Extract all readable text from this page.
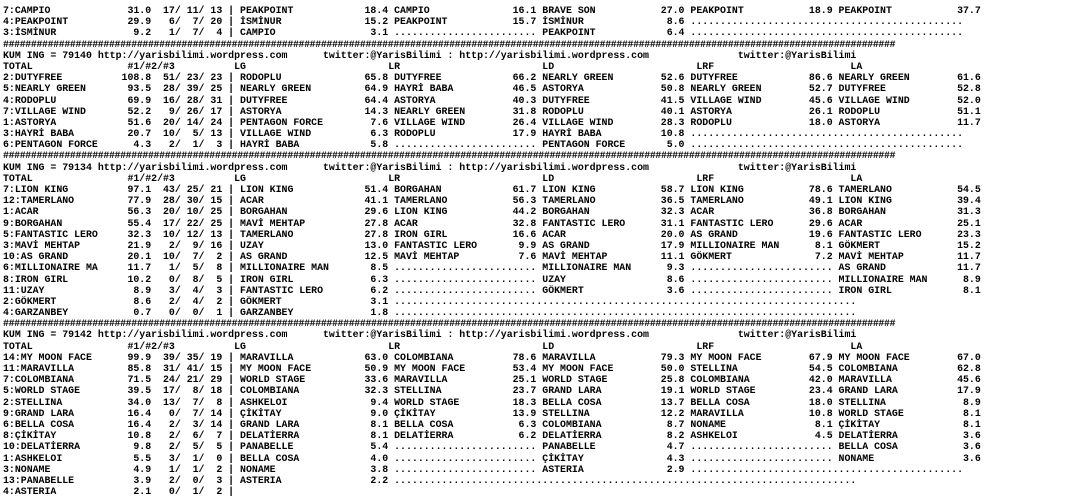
7:CAMPIO             31.0  17/ 11/ 13 | PEAKPOINT            18.4 CAMPIO              16.1 BRAVE SON           27.0 PEAKPOINT           18.9 PEAKPOINT           37.7
4:PEAKPOINT          29.9   6/  7/ 20 | İSMİNUR              15.2 PEAKPOINT           15.7 İSMİNUR              8.6 ..............................................
3:İSMİNUR             9.2   1/  7/  4 | CAMPIO                3.1 ........................ PEAKPOINT            6.4 ..............................................
################################################################################################################################################################
KUM ING = 79140 http://yarisbilimi.wordpress.com      twitter:@YarisBilimi : http://yarisbilimi.wordpress.com               twitter:@YarisBilimi
TOTAL                #1/#2/#3          LG                        LR                        LD                        LRF                       LA
2:DUTYFREE          108.8  51/ 23/ 23 | RODOPLU              65.8 DUTYFREE            66.2 NEARLY GREEN        52.6 DUTYFREE            86.6 NEARLY GREEN        61.6
5:NEARLY GREEN       93.5  28/ 39/ 25 | NEARLY GREEN         64.9 HAYRİ BABA          46.5 ASTORYA             50.8 NEARLY GREEN        52.7 DUTYFREE            52.8
4:RODOPLU            69.9  16/ 28/ 31 | DUTYFREE             64.4 ASTORYA             40.3 DUTYFREE            41.5 VILLAGE WIND        45.6 VILLAGE WIND        52.0
7:VILLAGE WIND       52.2   9/ 26/ 17 | ASTORYA              14.3 NEARLY GREEN        31.8 RODOPLU             40.1 ASTORYA             26.1 RODOPLU             51.1
1:ASTORYA            51.6  20/ 14/ 24 | PENTAGON FORCE        7.6 VILLAGE WIND        26.4 VILLAGE WIND        28.3 RODOPLU             18.0 ASTORYA             11.7
3:HAYRİ BABA         20.7  10/  5/ 13 | VILLAGE WIND          6.3 RODOPLU             17.9 HAYRİ BABA          10.8 ..............................................
6:PENTAGON FORCE      4.3   2/  1/  3 | HAYRİ BABA            5.8 ........................ PENTAGON FORCE       5.0 ..............................................
################################################################################################################################################################
KUM ING = 79134 http://yarisbilimi.wordpress.com      twitter:@YarisBilimi : http://yarisbilimi.wordpress.com               twitter:@YarisBilimi
TOTAL                #1/#2/#3          LG                        LR                        LD                        LRF                       LA
7:LION KING          97.1  43/ 25/ 21 | LION KING            51.4 BORGAHAN            61.7 LION KING           58.7 LION KING           78.6 TAMERLANO           54.5
12:TAMERLANO         77.9  28/ 30/ 15 | ACAR                 41.1 TAMERLANO           56.3 TAMERLANO           36.5 TAMERLANO           49.1 LION KING           39.4
1:ACAR               56.3  20/ 10/ 25 | BORGAHAN             29.6 LION KING           44.2 BORGAHAN            32.3 ACAR                36.8 BORGAHAN            31.3
9:BORGAHAN           55.4  17/ 22/ 25 | MAVİ MEHTAP          27.8 ACAR                32.8 FANTASTIC LERO      31.1 FANTASTIC LERO      29.6 ACAR                25.1
5:FANTASTIC LERO     32.3  10/ 12/ 13 | TAMERLANO            27.8 IRON GIRL           16.6 ACAR                20.0 AS GRAND            19.6 FANTASTIC LERO      23.3
3:MAVİ MEHTAP        21.9   2/  9/ 16 | UZAY                 13.0 FANTASTIC LERO       9.9 AS GRAND            17.9 MILLIONAIRE MAN      8.1 GÖKMERT             15.2
10:AS GRAND          20.1  10/  7/  2 | AS GRAND             12.5 MAVİ MEHTAP          7.6 MAVİ MEHTAP         11.1 GÖKMERT              7.2 MAVİ MEHTAP         11.7
6:MILLIONAIRE MA     11.7   1/  5/  8 | MILLIONAIRE MAN       8.5 ........................ MILLIONAIRE MAN      9.3 ........................ AS GRAND            11.7
8:IRON GIRL          10.2   0/  8/  5 | IRON GIRL             6.3 ........................ UZAY                 8.6 ........................ MILLIONAIRE MAN      8.9
11:UZAY               8.9   3/  4/  3 | FANTASTIC LERO        6.2 ........................ GÖKMERT              3.6 ........................ IRON GIRL            8.1
2:GÖKMERT             8.6   2/  4/  2 | GÖKMERT               3.1 ..............................................................................
4:GARZANBEY           0.7   0/  0/  1 | GARZANBEY             1.8 ..............................................................................
################################################################################################################################################################
KUM ING = 79142 http://yarisbilimi.wordpress.com      twitter:@YarisBilimi : http://yarisbilimi.wordpress.com               twitter:@YarisBilimi
TOTAL                #1/#2/#3          LG                        LR                        LD                        LRF                       LA
14:MY MOON FACE      99.9  39/ 35/ 19 | MARAVILLA            63.0 COLOMBIANA          78.6 MARAVILLA           79.3 MY MOON FACE        67.9 MY MOON FACE        67.0
11:MARAVILLA         85.8  31/ 41/ 15 | MY MOON FACE         50.9 MY MOON FACE        53.4 MY MOON FACE        50.0 STELLINA            54.5 COLOMBIANA          62.8
7:COLOMBIANA         71.5  24/ 21/ 29 | WORLD STAGE          33.6 MARAVILLA           25.1 WORLD STAGE         25.8 COLOMBIANA          42.0 MARAVILLA           45.6
5:WORLD STAGE        39.5  17/  8/ 18 | COLOMBIANA           32.3 STELLINA            23.7 GRAND LARA          19.1 WORLD STAGE         23.4 GRAND LARA          17.9
2:STELLINA           34.0  13/  7/  8 | ASHKELOI              9.4 WORLD STAGE         18.3 BELLA COSA          13.7 BELLA COSA          18.0 STELLINA             8.9
9:GRAND LARA         16.4   0/  7/ 14 | ÇİKİTAY               9.0 ÇİKİTAY             13.9 STELLINA            12.2 MARAVILLA           10.8 WORLD STAGE          8.1
6:BELLA COSA         16.4   2/  3/ 14 | GRAND LARA            8.1 BELLA COSA           6.3 COLOMBIANA           8.7 NONAME               8.1 ÇİKİTAY              8.1
8:ÇİKİTAY            10.8   2/  6/  7 | DELATİERRA            8.1 DELATİERRA           6.2 DELATİERRA           8.2 ASHKELOI             4.5 DELATİERRA           3.6
10:DELATİERRA         9.8   2/  5/  5 | PANABELLE             5.4 ........................ PANABELLE            4.7 ........................ BELLA COSA           3.6
1:ASHKELOI            5.5   3/  1/  0 | BELLA COSA            4.0 ........................ ÇİKİTAY              4.3 ........................ NONAME               3.6
3:NONAME              4.9   1/  1/  2 | NONAME                3.8 ........................ ASTERIA              2.9 ..............................................
13:PANABELLE          3.9   2/  0/  3 | ASTERIA               2.2 ..............................................................................
4:ASTERIA             2.1   0/  1/  2 |
